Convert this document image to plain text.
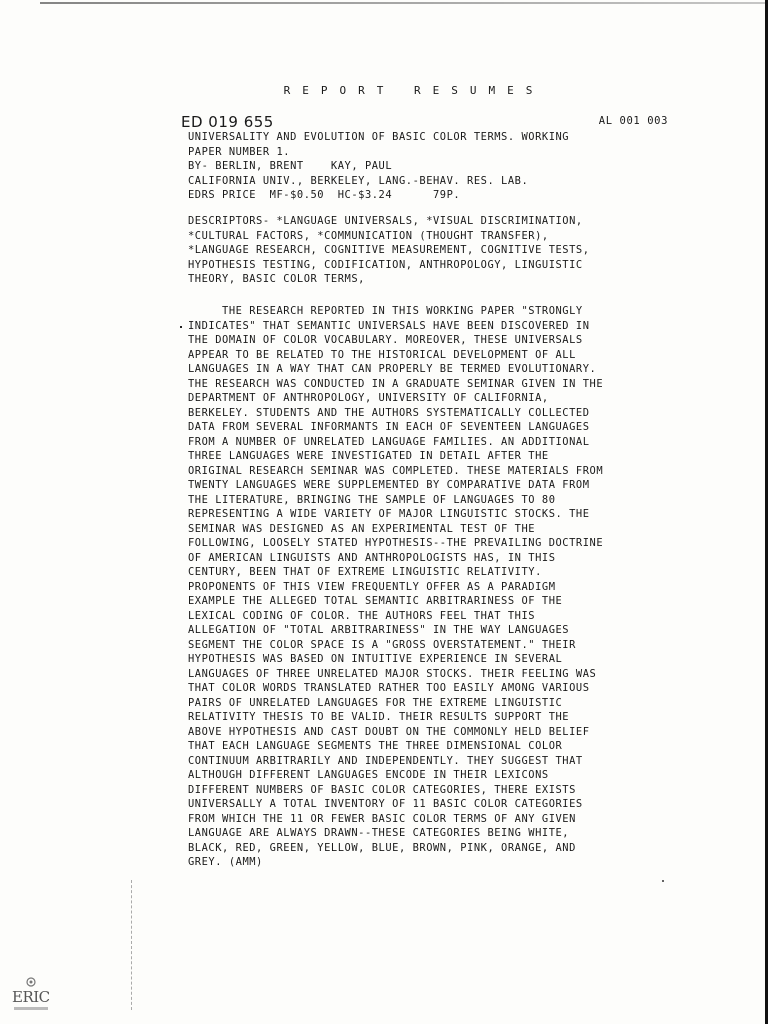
REPORT RESUMES
ED 019 655	AL 001 003
UNIVERSALITY AND EVOLUTION OF BASIC COLOR TERMS. WORKING
PAPER NUMBER 1.
BY- BERLIN, BRENT    KAY, PAUL
CALIFORNIA UNIV., BERKELEY, LANG.-BEHAV. RES. LAB.
EDRS PRICE  MF-$0.50  HC-$3.24      79P.
DESCRIPTORS- *LANGUAGE UNIVERSALS, *VISUAL DISCRIMINATION,
*CULTURAL FACTORS, *COMMUNICATION (THOUGHT TRANSFER),
*LANGUAGE RESEARCH, COGNITIVE MEASUREMENT, COGNITIVE TESTS,
HYPOTHESIS TESTING, CODIFICATION, ANTHROPOLOGY, LINGUISTIC
THEORY, BASIC COLOR TERMS,
THE RESEARCH REPORTED IN THIS WORKING PAPER "STRONGLY
INDICATES" THAT SEMANTIC UNIVERSALS HAVE BEEN DISCOVERED IN
THE DOMAIN OF COLOR VOCABULARY. MOREOVER, THESE UNIVERSALS
APPEAR TO BE RELATED TO THE HISTORICAL DEVELOPMENT OF ALL
LANGUAGES IN A WAY THAT CAN PROPERLY BE TERMED EVOLUTIONARY.
THE RESEARCH WAS CONDUCTED IN A GRADUATE SEMINAR GIVEN IN THE
DEPARTMENT OF ANTHROPOLOGY, UNIVERSITY OF CALIFORNIA,
BERKELEY. STUDENTS AND THE AUTHORS SYSTEMATICALLY COLLECTED
DATA FROM SEVERAL INFORMANTS IN EACH OF SEVENTEEN LANGUAGES
FROM A NUMBER OF UNRELATED LANGUAGE FAMILIES. AN ADDITIONAL
THREE LANGUAGES WERE INVESTIGATED IN DETAIL AFTER THE
ORIGINAL RESEARCH SEMINAR WAS COMPLETED. THESE MATERIALS FROM
TWENTY LANGUAGES WERE SUPPLEMENTED BY COMPARATIVE DATA FROM
THE LITERATURE, BRINGING THE SAMPLE OF LANGUAGES TO 80
REPRESENTING A WIDE VARIETY OF MAJOR LINGUISTIC STOCKS. THE
SEMINAR WAS DESIGNED AS AN EXPERIMENTAL TEST OF THE
FOLLOWING, LOOSELY STATED HYPOTHESIS--THE PREVAILING DOCTRINE
OF AMERICAN LINGUISTS AND ANTHROPOLOGISTS HAS, IN THIS
CENTURY, BEEN THAT OF EXTREME LINGUISTIC RELATIVITY.
PROPONENTS OF THIS VIEW FREQUENTLY OFFER AS A PARADIGM
EXAMPLE THE ALLEGED TOTAL SEMANTIC ARBITRARINESS OF THE
LEXICAL CODING OF COLOR. THE AUTHORS FEEL THAT THIS
ALLEGATION OF "TOTAL ARBITRARINESS" IN THE WAY LANGUAGES
SEGMENT THE COLOR SPACE IS A "GROSS OVERSTATEMENT." THEIR
HYPOTHESIS WAS BASED ON INTUITIVE EXPERIENCE IN SEVERAL
LANGUAGES OF THREE UNRELATED MAJOR STOCKS. THEIR FEELING WAS
THAT COLOR WORDS TRANSLATED RATHER TOO EASILY AMONG VARIOUS
PAIRS OF UNRELATED LANGUAGES FOR THE EXTREME LINGUISTIC
RELATIVITY THESIS TO BE VALID. THEIR RESULTS SUPPORT THE
ABOVE HYPOTHESIS AND CAST DOUBT ON THE COMMONLY HELD BELIEF
THAT EACH LANGUAGE SEGMENTS THE THREE DIMENSIONAL COLOR
CONTINUUM ARBITRARILY AND INDEPENDENTLY. THEY SUGGEST THAT
ALTHOUGH DIFFERENT LANGUAGES ENCODE IN THEIR LEXICONS
DIFFERENT NUMBERS OF BASIC COLOR CATEGORIES, THERE EXISTS
UNIVERSALLY A TOTAL INVENTORY OF 11 BASIC COLOR CATEGORIES
FROM WHICH THE 11 OR FEWER BASIC COLOR TERMS OF ANY GIVEN
LANGUAGE ARE ALWAYS DRAWN--THESE CATEGORIES BEING WHITE,
BLACK, RED, GREEN, YELLOW, BLUE, BROWN, PINK, ORANGE, AND
GREY. (AMM)
ERIC
